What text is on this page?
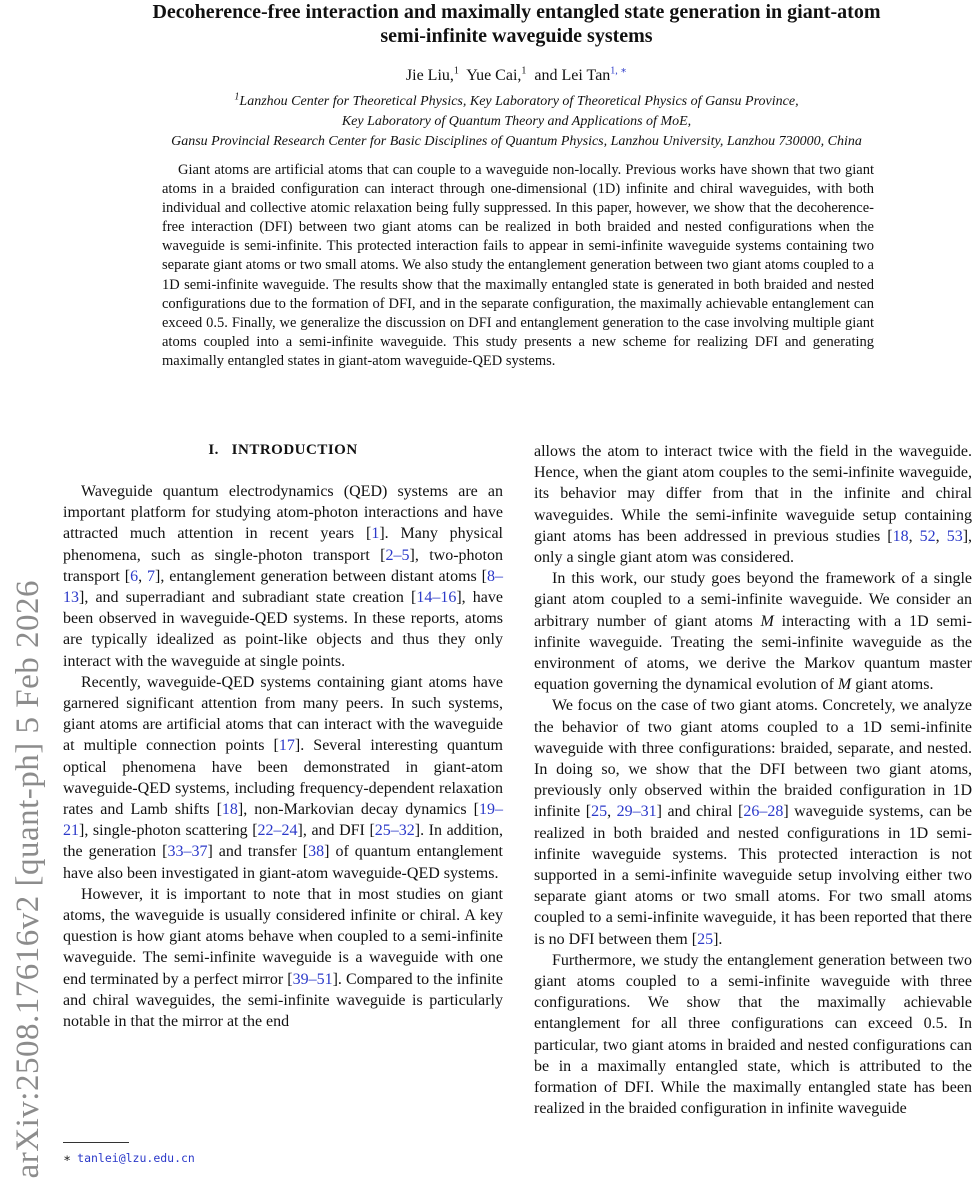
arXiv:2508.17616v2 [quant-ph] 5 Feb 2026
Decoherence-free interaction and maximally entangled state generation in giant-atom
semi-infinite waveguide systems
Jie Liu,$^1$ Yue Cai,$^1$ and Lei Tan$^{1, ∗}$
$^1$Lanzhou Center for Theoretical Physics, Key Laboratory of Theoretical Physics of Gansu Province,
Key Laboratory of Quantum Theory and Applications of MoE,
Gansu Provincial Research Center for Basic Disciplines of Quantum Physics, Lanzhou University, Lanzhou 730000, China

Giant atoms are artificial atoms that can couple to a waveguide non-locally. Previous works have shown that two giant atoms in a braided configuration can interact through one-dimensional (1D) infinite and chiral waveguides, with both individual and collective atomic relaxation being fully suppressed. In this paper, however, we show that the decoherence-free interaction (DFI) between two giant atoms can be realized in both braided and nested configurations when the waveguide is semi-infinite. This protected interaction fails to appear in semi-infinite waveguide systems containing two separate giant atoms or two small atoms. We also study the entanglement generation between two giant atoms coupled to a 1D semi-infinite waveguide. The results show that the maximally entangled state is generated in both braided and nested configurations due to the formation of DFI, and in the separate configuration, the maximally achievable entanglement can exceed 0.5. Finally, we generalize the discussion on DFI and entanglement generation to the case involving multiple giant atoms coupled into a semi-infinite waveguide. This study presents a new scheme for realizing DFI and generating maximally entangled states in giant-atom waveguide-QED systems.

I. INTRODUCTION

Waveguide quantum electrodynamics (QED) systems are an important platform for studying atom-photon interactions and have attracted much attention in recent years [1]. Many physical phenomena, such as single-photon transport [2–5], two-photon transport [6, 7], entanglement generation between distant atoms [8–13], and superradiant and subradiant state creation [14–16], have been observed in waveguide-QED systems. In these reports, atoms are typically idealized as point-like objects and thus they only interact with the waveguide at single points.

Recently, waveguide-QED systems containing giant atoms have garnered significant attention from many peers. In such systems, giant atoms are artificial atoms that can interact with the waveguide at multiple connection points [17]. Several interesting quantum optical phenomena have been demonstrated in giant-atom waveguide-QED systems, including frequency-dependent relaxation rates and Lamb shifts [18], non-Markovian decay dynamics [19–21], single-photon scattering [22–24], and DFI [25–32]. In addition, the generation [33–37] and transfer [38] of quantum entanglement have also been investigated in giant-atom waveguide-QED systems.

However, it is important to note that in most studies on giant atoms, the waveguide is usually considered infinite or chiral. A key question is how giant atoms behave when coupled to a semi-infinite waveguide. The semi-infinite waveguide is a waveguide with one end terminated by a perfect mirror [39–51]. Compared to the infinite and chiral waveguides, the semi-infinite waveguide is particularly notable in that the mirror at the end

allows the atom to interact twice with the field in the waveguide. Hence, when the giant atom couples to the semi-infinite waveguide, its behavior may differ from that in the infinite and chiral waveguides. While the semi-infinite waveguide setup containing giant atoms has been addressed in previous studies [18, 52, 53], only a single giant atom was considered.

In this work, our study goes beyond the framework of a single giant atom coupled to a semi-infinite waveguide. We consider an arbitrary number of giant atoms M interacting with a 1D semi-infinite waveguide. Treating the semi-infinite waveguide as the environment of atoms, we derive the Markov quantum master equation governing the dynamical evolution of M giant atoms.

We focus on the case of two giant atoms. Concretely, we analyze the behavior of two giant atoms coupled to a 1D semi-infinite waveguide with three configurations: braided, separate, and nested. In doing so, we show that the DFI between two giant atoms, previously only observed within the braided configuration in 1D infinite [25, 29–31] and chiral [26–28] waveguide systems, can be realized in both braided and nested configurations in 1D semi-infinite waveguide systems. This protected interaction is not supported in a semi-infinite waveguide setup involving either two separate giant atoms or two small atoms. For two small atoms coupled to a semi-infinite waveguide, it has been reported that there is no DFI between them [25].

Furthermore, we study the entanglement generation between two giant atoms coupled to a semi-infinite waveguide with three configurations. We show that the maximally achievable entanglement for all three configurations can exceed 0.5. In particular, two giant atoms in braided and nested configurations can be in a maximally entangled state, which is attributed to the formation of DFI. While the maximally entangled state has been realized in the braided configuration in infinite waveguide

∗ tanlei@lzu.edu.cn
